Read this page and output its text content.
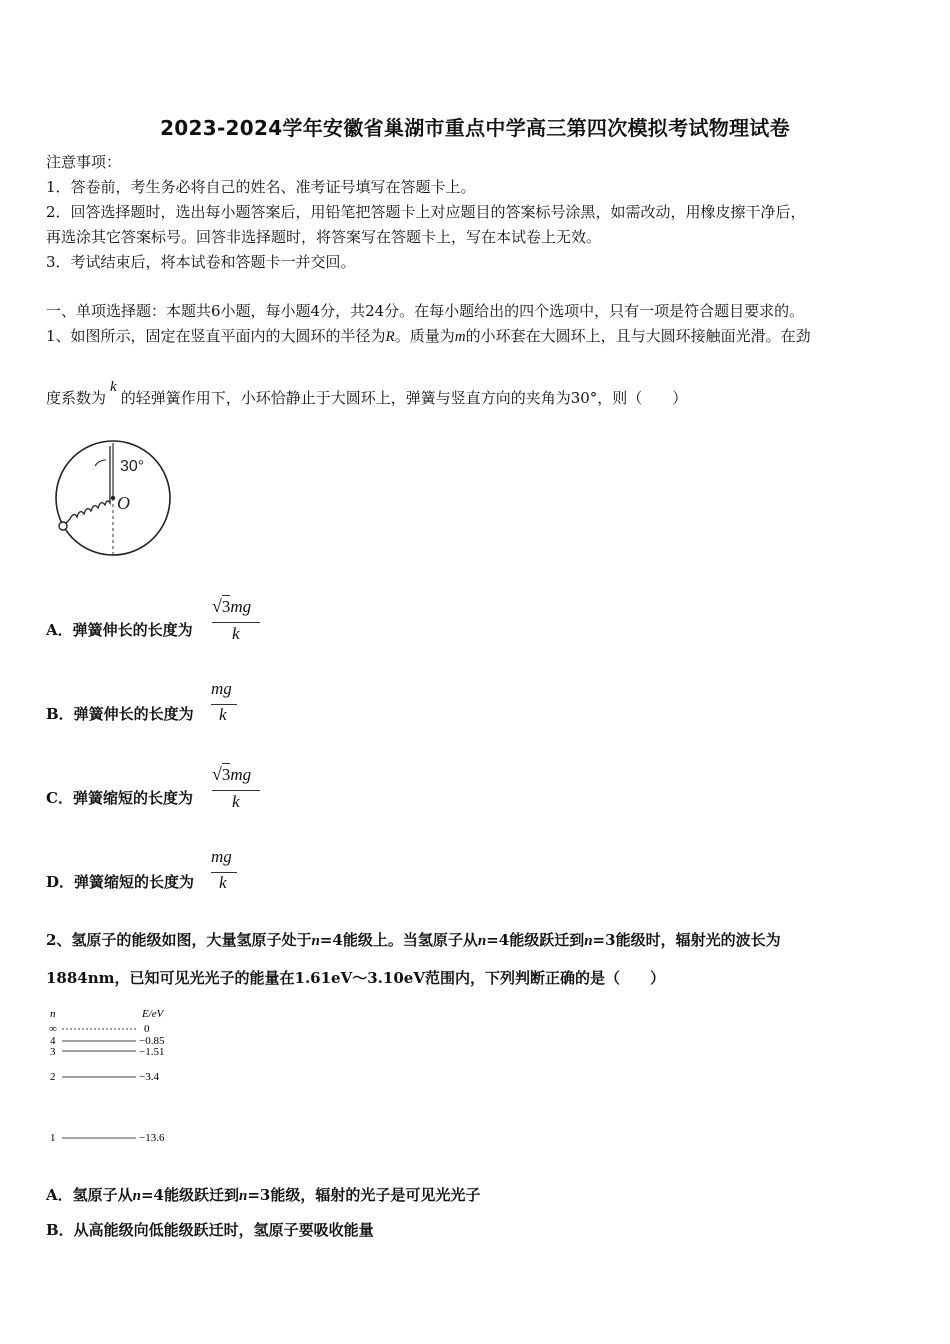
2023-2024学年安徽省巢湖市重点中学高三第四次模拟考试物理试卷
注意事项：
1．答卷前，考生务必将自己的姓名、准考证号填写在答题卡上。
2．回答选择题时，选出每小题答案后，用铅笔把答题卡上对应题目的答案标号涂黑，如需改动，用橡皮擦干净后，
再选涂其它答案标号。回答非选择题时，将答案写在答题卡上，写在本试卷上无效。
3．考试结束后，将本试卷和答题卡一并交回。
一、单项选择题：本题共6小题，每小题4分，共24分。在每小题给出的四个选项中，只有一项是符合题目要求的。
1、如图所示，固定在竖直平面内的大圆环的半径为R。质量为m的小环套在大圆环上，且与大圆环接触面光滑。在劲
度系数为k的轻弹簧作用下，小环恰静止于大圆环上，弹簧与竖直方向的夹角为30°，则（　　）
30°
O
A．弹簧伸长的长度为
√3mg
k
B．弹簧伸长的长度为
mg
k
C．弹簧缩短的长度为
√3mg
k
D．弹簧缩短的长度为
mg
k
2、氢原子的能级如图，大量氢原子处于n=4能级上。当氢原子从n=4能级跃迁到n=3能级时，辐射光的波长为
1884nm，已知可见光光子的能量在1.61eV～3.10eV范围内，下列判断正确的是（　　）
n	E/eV
∞	0
4	−0.85
3	−1.51
2	−3.4
1	−13.6
A．氢原子从n=4能级跃迁到n=3能级，辐射的光子是可见光光子
B．从高能级向低能级跃迁时，氢原子要吸收能量
